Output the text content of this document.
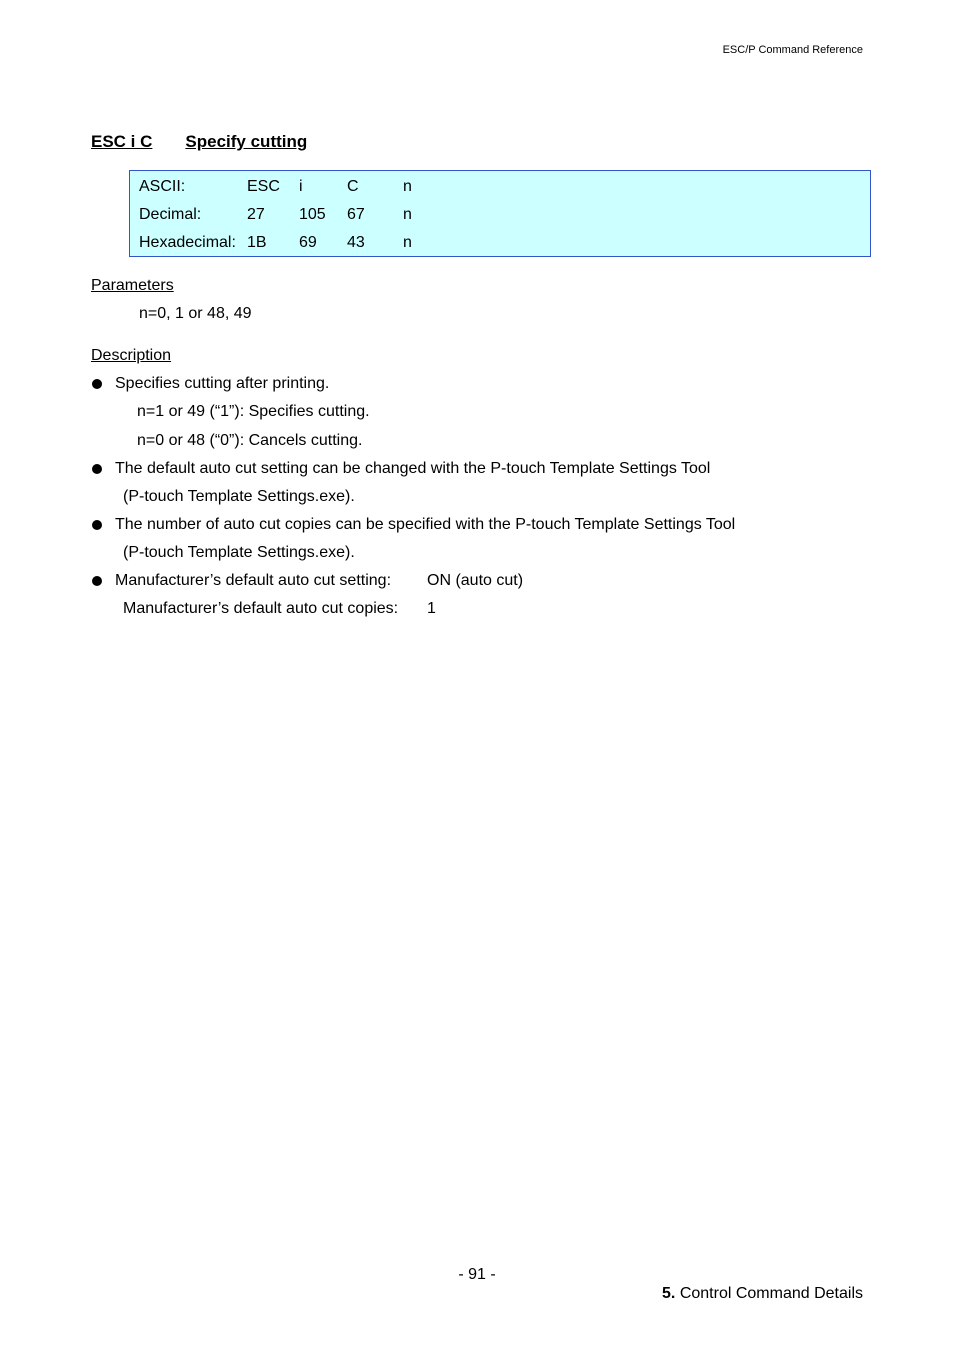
ESC/P Command Reference
ESC i C Specify cutting
ASCII:	ESC i	C	n
Decimal:	27 105 67 n
Hexadecimal: 1B 69 43 n
Parameters
n=0, 1 or 48, 49
Description
Specifies cutting after printing.
n=1 or 49 (“1”): Specifies cutting.
n=0 or 48 (“0”): Cancels cutting.
The default auto cut setting can be changed with the P-touch Template Settings Tool
(P-touch Template Settings.exe).
The number of auto cut copies can be specified with the P-touch Template Settings Tool
(P-touch Template Settings.exe).
Manufacturer’s default auto cut setting: ON (auto cut)
Manufacturer’s default auto cut copies: 1
- 91 -
5. Control Command Details
